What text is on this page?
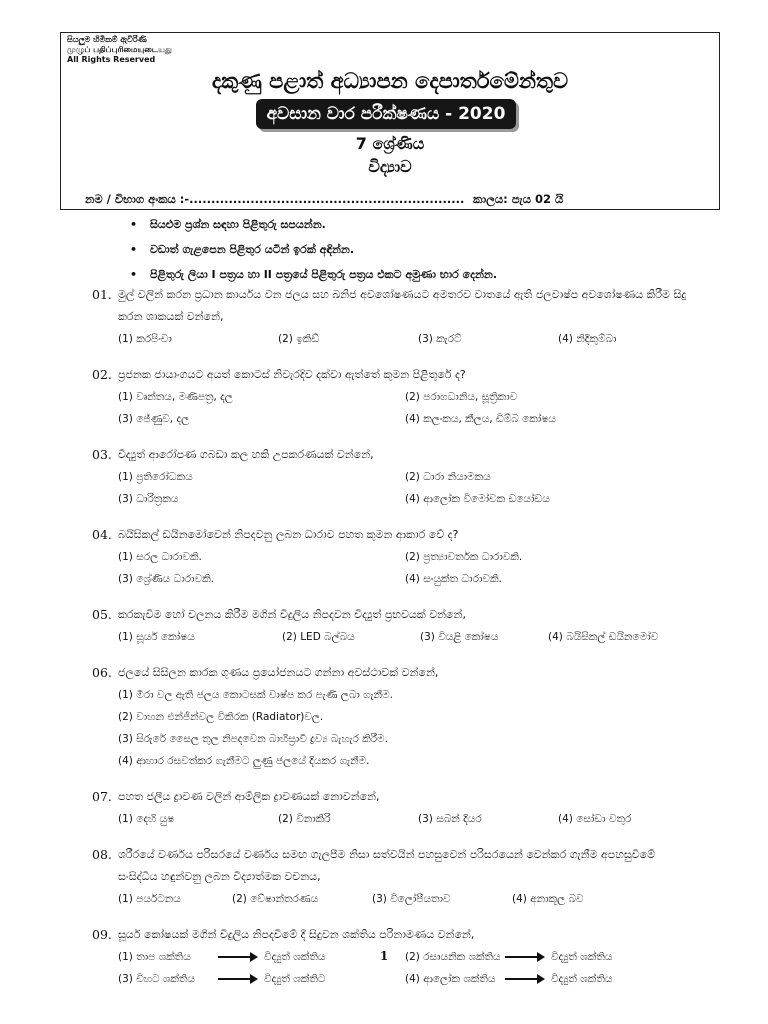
සියලුම හිමිකම් ඇවිරිණි
முழுப் பதிப்புரிமையுடையது
All Rights Reserved
දකුණු පළාත් අධ්‍යාපන දෙපාර්තමේන්තුව
අවසාන වාර පරීක්ෂණය - 2020
7 ශ්‍රේණිය
විද්‍යාව
නම / විභාග අංකය :-............................................................... කාලය: පැය 02 යි
• සියළුම ප්‍රශ්න සඳහා පිළිතුරු සපයන්න.
• වඩාත් ගැළපෙන පිළිතුර යටින් ඉරක් අඳින්න.
• පිළිතුරු ලියා I පත්‍රය හා II පත්‍රයේ පිළිතුරු පත්‍රය එකට අමුණා භාර දෙන්න.
01. මුල් වලින් කරන ප්‍රධාන කාර්යය වන ජලය සහ ඛනිජ අවශෝෂණයට අමතරව වාතයේ ඇති ජලවාෂ්ප අවශෝෂණය කිරීම සිදු කරන ශාකයක් වන්නේ,
(1) කරපිංචා	(2) ඉකිඩ්	(3) කැරට්	(4) නිදිකුම්බා
02. ප්‍රජනක ජායාංගයට අයත් කොටස් නිවැරදිව දක්වා ඇත්තේ කුමන පිළිතුරේ ද?
(1) වෘන්තය, මණිපත්‍ර, දල	(2) පරාගධානිය, සූත්‍රිකාව
(3) ජේණුව, දල	(4) කලංකය, කීලය, ඩිම්බ කෝෂය
03. විද්‍යුත් ආරෝපණ ගබඩා කල හකි උපකරණයක් වන්නේ,
(1) ප්‍රතිරෝධකය	(2) ධාරා නියාමකය
(3) ධාරිත්‍රකය	(4) ආලෝක විමෝචක ඩයෝඩය
04. බයිසිකල් ඩයිනමෝවෙන් නිපදවනු ලබන ධාරාව පහත කුමන ආකාර වේ ද?
(1) සරල ධාරාවකි.	(2) ප්‍රත්‍යාවර්තක ධාරාවකි.
(3) ශ්‍රේණිය ධාරාවකි.	(4) සංයුක්ත ධාරාවකි.
05. කරකැවීම හෝ චලනය කිරීම මගින් විදුලිය නිපදවන විද්‍යුත් ප්‍රභවයක් වන්නේ,
(1) සූර්ය කෝෂය	(2) LED බල්බය	(3) වියළි කෝෂය	(4) බයිසිකල් ඩයිනමෝව
06. ජලයේ සිසිලන කාරක ගුණය ප්‍රයෝජනයට ගන්නා අවස්ථාවක් වන්නේ,
(1) මීරා වල ඇති ජලය කොටසක් වාෂ්ප කර පැණි ලබා ගැනීම.
(2) වාහන එන්ජින්වල විකිරක (Radiator)වල.
(3) සිරුරේ සෛල තුල නිපදවෙන බාහිස්‍රාවී ද්‍රව්‍ය බැහැර කිරීම.
(4) ආහාර රසවත්කර ගැනීමට ලුණු ජලයේ දියකර ගැනීම.
07. පහත ජලීය ද්‍රාවණ වලින් ආම්ලික ද්‍රාවණයක් නොවන්නේ,
(1) දෙහි යුෂ	(2) විනාකිරි	(3) සබන් දියර	(4) සෝඩා වතුර
08. ශරීරයේ වර්ණය පරිසරයේ වර්ණය සමඟ ගැලපීම නිසා සත්වයින් පහසුවෙන් පරිසරයෙන් වෙන්කර ගැනීම අපහසුවීමේ සංසිද්ධිය හඳුන්වනු ලබන විද්‍යාත්මක වචනය,
(1) පර්යටනය	(2) වේෂාන්තරණය	(3) විලෝපීයතාව	(4) අනාකූල බව
09. සූර්ය කෝෂයක් මගින් විදුලිය නිපදවීමේ දී සිදුවන ශක්තිය පරිනාමණය වන්නේ,
(1) තාප ශක්තිය	විද්‍යුත් ශක්තිය	(2) රසායනික ශක්තිය	විද්‍යුත් ශක්තිය
(3) චිහට ශක්තිය	විද්‍යුත් ශක්තිට	(4) ආලෝක ශක්තිය	විද්‍යුත් ශක්තිය
1
